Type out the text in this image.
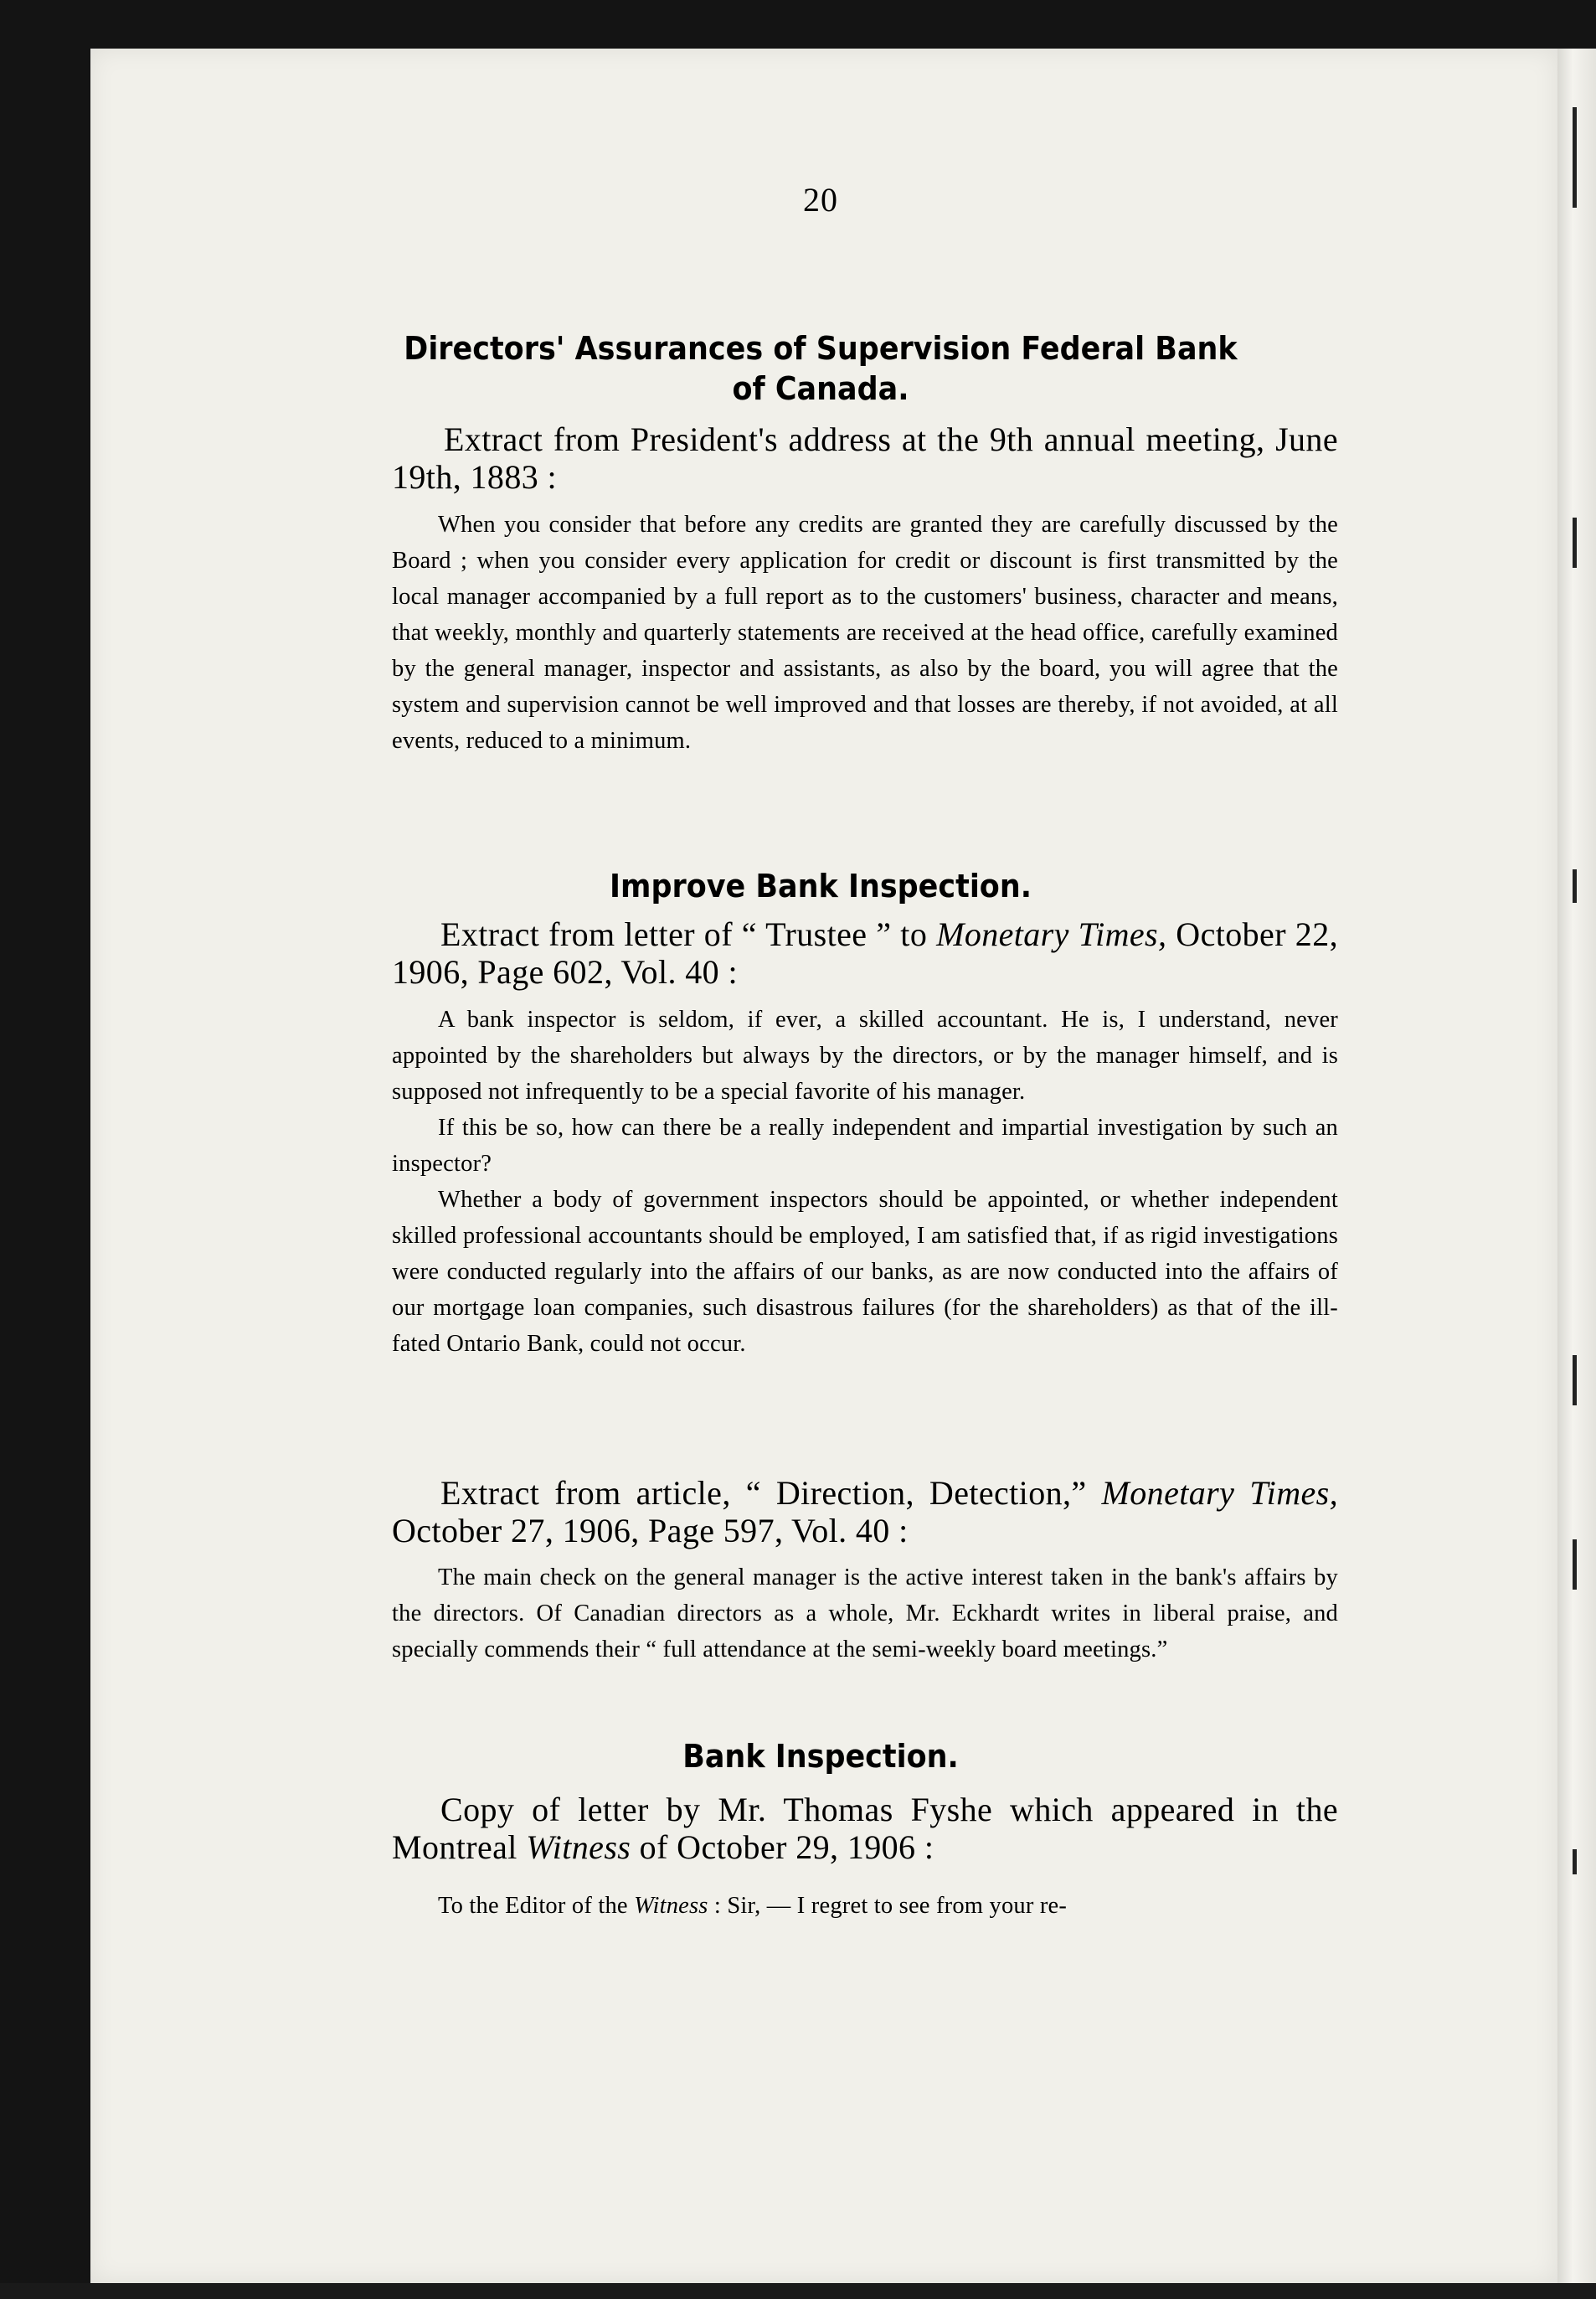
20
Directors' Assurances of Supervision Federal Bank
of Canada.
Extract from President's address at the 9th annual meeting, June 19th, 1883 :
When you consider that before any credits are granted they are carefully discussed by the Board ; when you consider every application for credit or discount is first transmitted by the local manager accompanied by a full report as to the customers' business, character and means, that weekly, monthly and quarterly statements are received at the head office, carefully examined by the general manager, inspector and assistants, as also by the board, you will agree that the system and supervision cannot be well improved and that losses are thereby, if not avoided, at all events, reduced to a minimum.
Improve Bank Inspection.
Extract from letter of “ Trustee ” to Monetary Times, October 22, 1906, Page 602, Vol. 40 :

A bank inspector is seldom, if ever, a skilled accountant. He is, I understand, never appointed by the shareholders but always by the directors, or by the manager himself, and is supposed not infrequently to be a special favorite of his manager.

If this be so, how can there be a really independent and impartial investigation by such an inspector?

Whether a body of government inspectors should be appointed, or whether independent skilled professional accountants should be employed, I am satisfied that, if as rigid investigations were conducted regularly into the affairs of our banks, as are now conducted into the affairs of our mortgage loan companies, such disastrous failures (for the shareholders) as that of the ill-fated Ontario Bank, could not occur.

Extract from article, “ Direction, Detection,” Monetary Times, October 27, 1906, Page 597, Vol. 40 :
The main check on the general manager is the active interest taken in the bank's affairs by the directors. Of Canadian directors as a whole, Mr. Eckhardt writes in liberal praise, and specially commends their “ full attendance at the semi-weekly board meetings.”
Bank Inspection.
Copy of letter by Mr. Thomas Fyshe which appeared in the Montreal Witness of October 29, 1906 :
To the Editor of the Witness : Sir, — I regret to see from your re-
